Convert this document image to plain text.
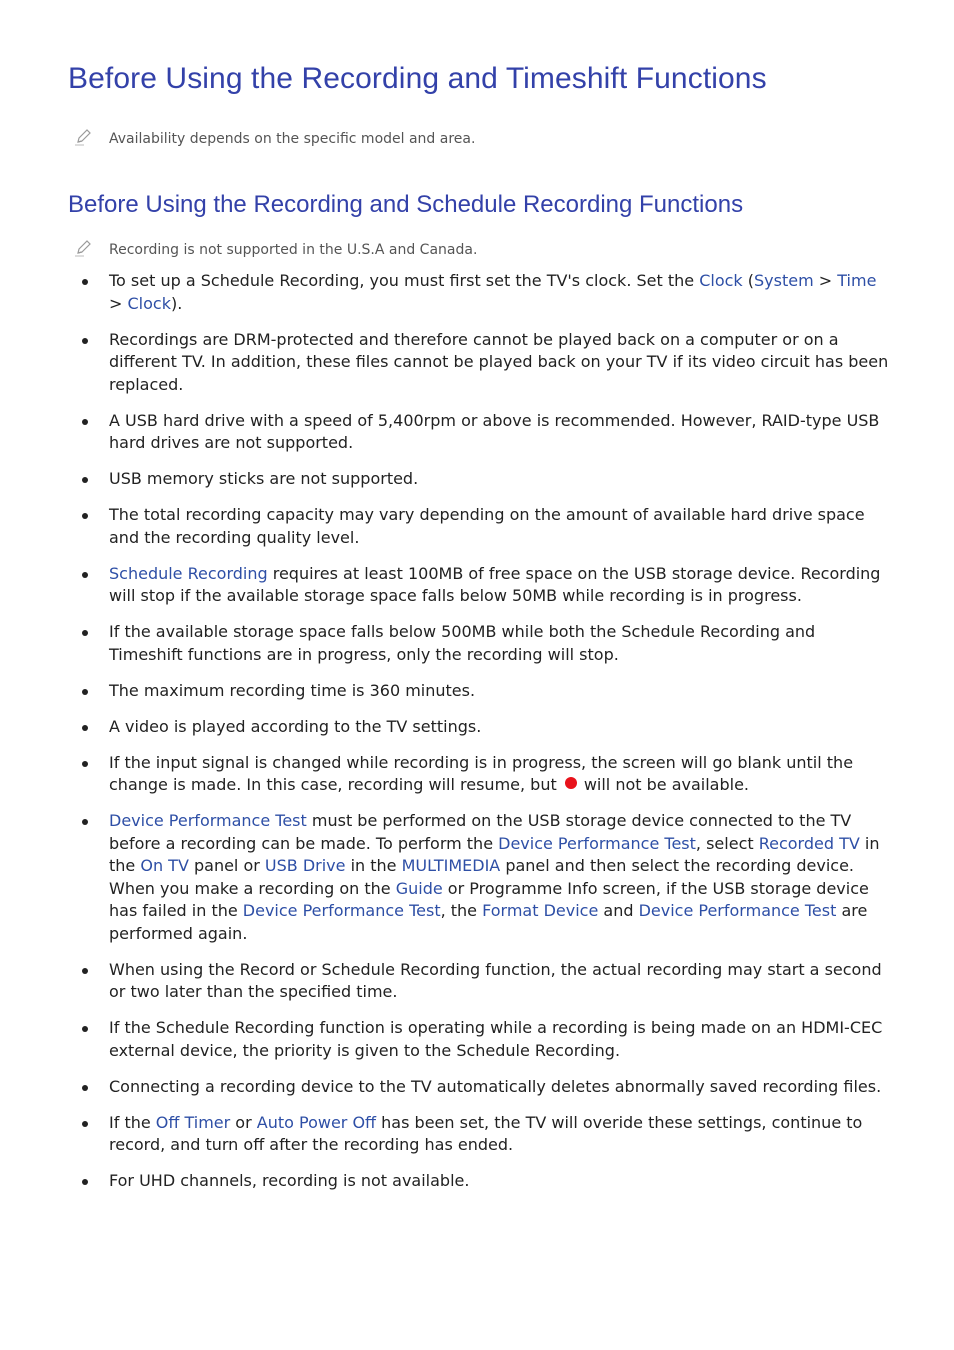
Before Using the Recording and Timeshift Functions
Availability depends on the specific model and area.
Before Using the Recording and Schedule Recording Functions
Recording is not supported in the U.S.A and Canada.
To set up a Schedule Recording, you must first set the TV's clock. Set the Clock (System > Time > Clock).
Recordings are DRM-protected and therefore cannot be played back on a computer or on a different TV. In addition, these files cannot be played back on your TV if its video circuit has been replaced.
A USB hard drive with a speed of 5,400rpm or above is recommended. However, RAID-type USB hard drives are not supported.
USB memory sticks are not supported.
The total recording capacity may vary depending on the amount of available hard drive space and the recording quality level.
Schedule Recording requires at least 100MB of free space on the USB storage device. Recording will stop if the available storage space falls below 50MB while recording is in progress.
If the available storage space falls below 500MB while both the Schedule Recording and Timeshift functions are in progress, only the recording will stop.
The maximum recording time is 360 minutes.
A video is played according to the TV settings.
If the input signal is changed while recording is in progress, the screen will go blank until the change is made. In this case, recording will resume, but will not be available.
Device Performance Test must be performed on the USB storage device connected to the TV before a recording can be made. To perform the Device Performance Test, select Recorded TV in the On TV panel or USB Drive in the MULTIMEDIA panel and then select the recording device. When you make a recording on the Guide or Programme Info screen, if the USB storage device has failed in the Device Performance Test, the Format Device and Device Performance Test are performed again.
When using the Record or Schedule Recording function, the actual recording may start a second or two later than the specified time.
If the Schedule Recording function is operating while a recording is being made on an HDMI-CEC external device, the priority is given to the Schedule Recording.
Connecting a recording device to the TV automatically deletes abnormally saved recording files.
If the Off Timer or Auto Power Off has been set, the TV will overide these settings, continue to record, and turn off after the recording has ended.
For UHD channels, recording is not available.
